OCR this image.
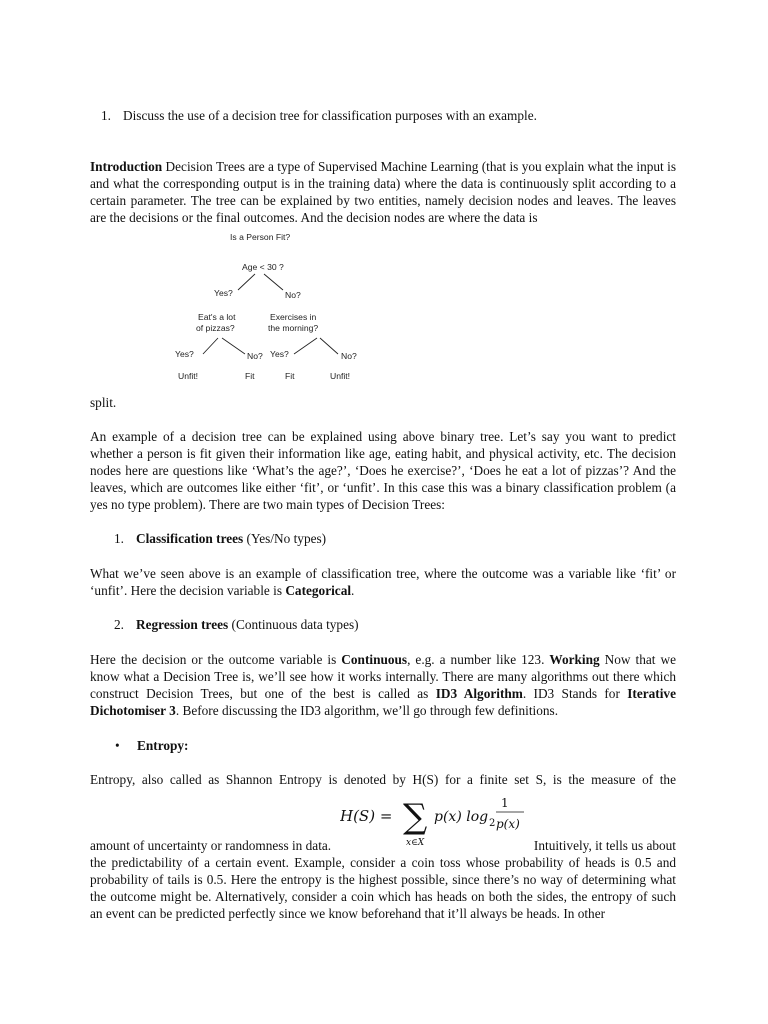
1. Discuss the use of a decision tree for classification purposes with an example.
Introduction Decision Trees are a type of Supervised Machine Learning (that is you explain what the input is and what the corresponding output is in the training data) where the data is continuously split according to a certain parameter. The tree can be explained by two entities, namely decision nodes and leaves. The leaves are the decisions or the final outcomes. And the decision nodes are where the data is
Is a Person Fit?
Age < 30 ?
Yes?	No?
Eat's a lot
of pizzas?
Exercises in
the morning?
Yes?	No? Yes?	No?
Unfit!	Fit	Fit	Unfit!
split.
An example of a decision tree can be explained using above binary tree. Let’s say you want to predict whether a person is fit given their information like age, eating habit, and physical activity, etc. The decision nodes here are questions like ‘What’s the age?’, ‘Does he exercise?’, ‘Does he eat a lot of pizzas’? And the leaves, which are outcomes like either ‘fit’, or ‘unfit’. In this case this was a binary classification problem (a yes no type problem). There are two main types of Decision Trees:
1. Classification trees (Yes/No types)
What we’ve seen above is an example of classification tree, where the outcome was a variable like ‘fit’ or ‘unfit’. Here the decision variable is Categorical.
2. Regression trees (Continuous data types)
Here the decision or the outcome variable is Continuous, e.g. a number like 123. Working Now that we know what a Decision Tree is, we’ll see how it works internally. There are many algorithms out there which construct Decision Trees, but one of the best is called as ID3 Algorithm. ID3 Stands for Iterative Dichotomiser 3. Before discussing the ID3 algorithm, we’ll go through few definitions.
• Entropy:
Entropy, also called as Shannon Entropy is denoted by H(S) for a finite set S, is the measure of the
H(S) = ∑
x∈X
p(x) log 2
1
p(x)
amount of uncertainty or randomness in data.	Intuitively, it tells us about
the predictability of a certain event. Example, consider a coin toss whose probability of heads is 0.5 and probability of tails is 0.5. Here the entropy is the highest possible, since there’s no way of determining what the outcome might be. Alternatively, consider a coin which has heads on both the sides, the entropy of such an event can be predicted perfectly since we know beforehand that it’ll always be heads. In other
